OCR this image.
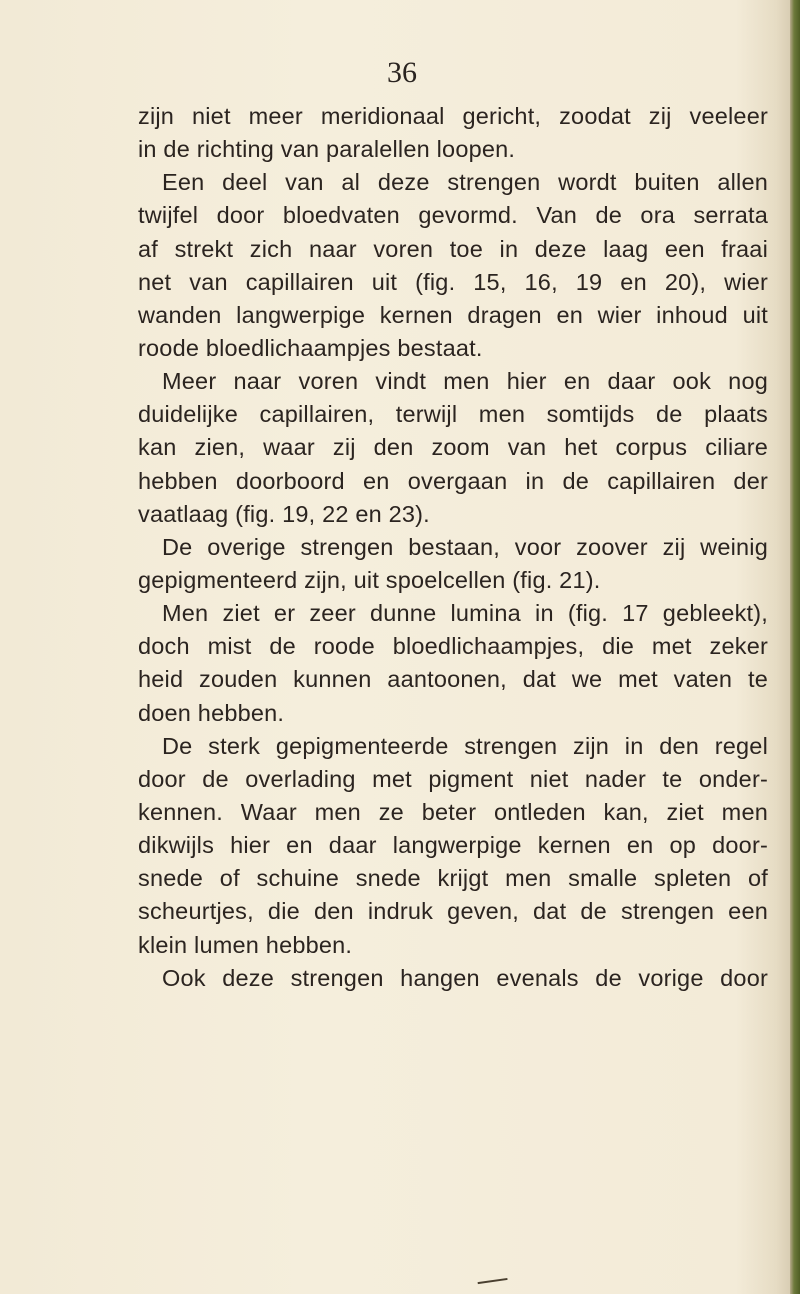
36

zijn niet meer meridionaal gericht, zoodat zij veeleer
in de richting van paralellen loopen.
Een deel van al deze strengen wordt buiten allen
twijfel door bloedvaten gevormd. Van de ora serrata
af strekt zich naar voren toe in deze laag een fraai
net van capillairen uit (fig. 15, 16, 19 en 20), wier
wanden langwerpige kernen dragen en wier inhoud uit
roode bloedlichaampjes bestaat.
Meer naar voren vindt men hier en daar ook nog
duidelijke capillairen, terwijl men somtijds de plaats
kan zien, waar zij den zoom van het corpus ciliare
hebben doorboord en overgaan in de capillairen der
vaatlaag (fig. 19, 22 en 23).
De overige strengen bestaan, voor zoover zij weinig
gepigmenteerd zijn, uit spoelcellen (fig. 21).
Men ziet er zeer dunne lumina in (fig. 17 gebleekt),
doch mist de roode bloedlichaampjes, die met zeker
heid zouden kunnen aantoonen, dat we met vaten te
doen hebben.
De sterk gepigmenteerde strengen zijn in den regel
door de overlading met pigment niet nader te onder-
kennen. Waar men ze beter ontleden kan, ziet men
dikwijls hier en daar langwerpige kernen en op door-
snede of schuine snede krijgt men smalle spleten of
scheurtjes, die den indruk geven, dat de strengen een
klein lumen hebben.
Ook deze strengen hangen evenals de vorige door
